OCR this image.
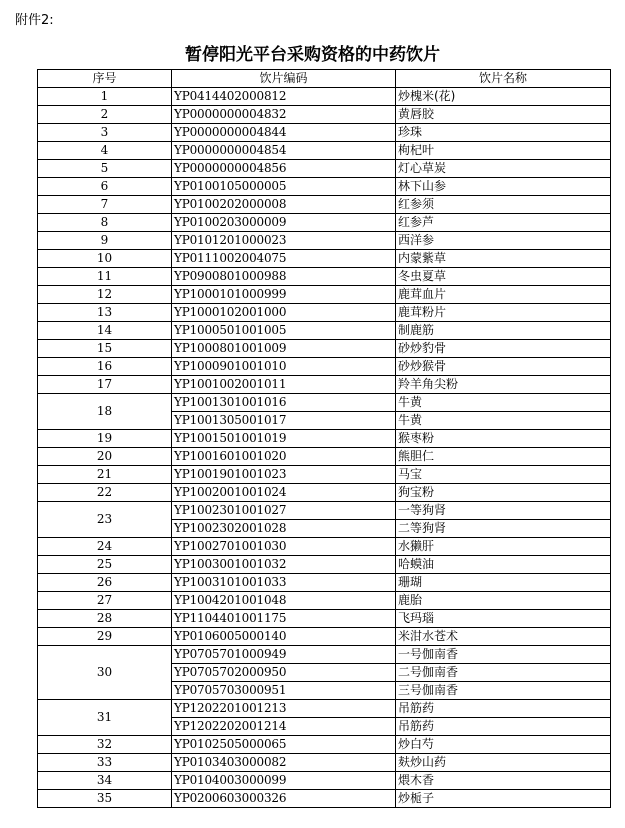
附件2:
暂停阳光平台采购资格的中药饮片
序号	饮片编码	饮片名称
1	YP0414402000812	炒槐米(花)
2	YP0000000004832	黄唇胶
3	YP0000000004844	珍珠
4	YP0000000004854	枸杞叶
5	YP0000000004856	灯心草炭
6	YP0100105000005	林下山参
7	YP0100202000008	红参须
8	YP0100203000009	红参芦
9	YP0101201000023	西洋参
10	YP0111002004075	内蒙紫草
11	YP0900801000988	冬虫夏草
12	YP1000101000999	鹿茸血片
13	YP1000102001000	鹿茸粉片
14	YP1000501001005	制鹿筋
15	YP1000801001009	砂炒豹骨
16	YP1000901001010	砂炒猴骨
17	YP1001002001011	羚羊角尖粉
18	YP1001301001016	牛黄
	YP1001305001017	牛黄
19	YP1001501001019	猴枣粉
20	YP1001601001020	熊胆仁
21	YP1001901001023	马宝
22	YP1002001001024	狗宝粉
23	YP1002301001027	一等狗肾
	YP1002302001028	二等狗肾
24	YP1002701001030	水獭肝
25	YP1003001001032	哈蟆油
26	YP1003101001033	珊瑚
27	YP1004201001048	鹿胎
28	YP1104401001175	飞玛瑙
29	YP0106005000140	米泔水苍术
30	YP0705701000949	一号伽南香
	YP0705702000950	二号伽南香
	YP0705703000951	三号伽南香
31	YP1202201001213	吊筋药
	YP1202202001214	吊筋药
32	YP0102505000065	炒白芍
33	YP0103403000082	麸炒山药
34	YP0104003000099	煨木香
35	YP0200603000326	炒栀子
